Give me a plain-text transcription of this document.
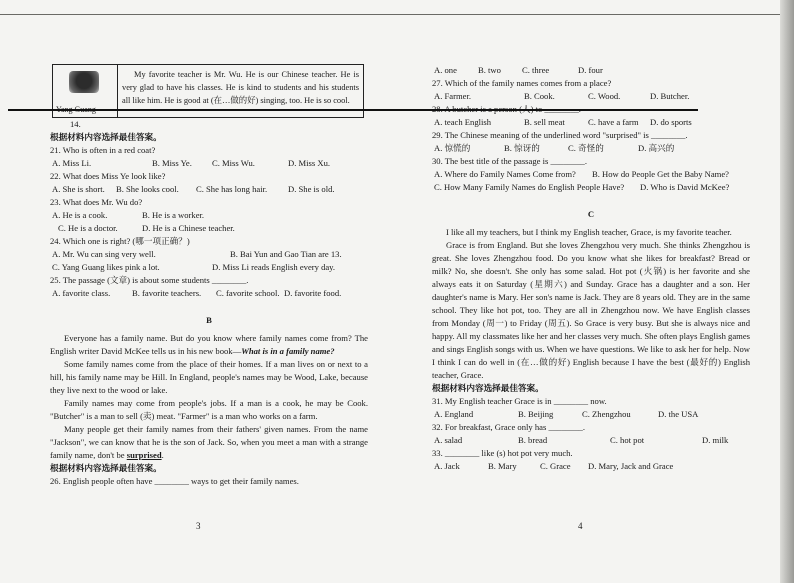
My favorite teacher is Mr. Wu. He is our Chinese teacher. He is very glad to have his classes. He is kind to students and his students all like him. He is good at (在…做的好) singing, too. He is so cool.

14.
根据材料内容选择最佳答案。
21. Who is often in a red coat?
A. Miss Li.	B. Miss Ye. C. Miss Wu.	D. Miss Xu.
22. What does Miss Ye look like?
A. She is short. B. She looks cool. C. She has long hair. D. She is old.
23. What does Mr. Wu do?
A. He is a cook.	B. He is a worker.
C. He is a doctor.	D. He is a Chinese teacher.
24. Which one is right? (哪一项正确？)
A. Mr. Wu can sing very well.	B. Bai Yun and Gao Tian are 13.
C. Yang Guang likes pink a lot.	D. Miss Li reads English every day.
25. The passage (文章) is about some students ________.
A. favorite class.	B. favorite teachers. C. favorite school. D. favorite food.
B

Everyone has a family name. But do you know where family names come from? The English writer David McKee tells us in his new book—What is in a family name?

Some family names come from the place of their homes. If a man lives on or next to a hill, his family name may be Hill. In England, people's names may be Wood, Lake, because they live next to the wood or lake.

Family names may come from people's jobs. If a man is a cook, he may be Cook. "Butcher" is a man to sell (卖) meat. "Farmer" is a man who works on a farm.

Many people get their family names from their fathers' given names. From the name "Jackson", we can know that he is the son of Jack. So, when you meet a man with a strange family name, don't be surprised.

根据材料内容选择最佳答案。
26. English people often have ________ ways to get their family names.
3
A. one B. two C. three	D. four
27. Which of the family names comes from a place?
A. Farmer.	B. Cook.	C. Wood.	D. Butcher.
A. teach English	B. sell meat	C. have a farm D. do sports
29. The Chinese meaning of the underlined word "surprised" is ________.
A. 惊慌的	B. 惊讶的	C. 奇怪的	D. 高兴的
30. The best title of the passage is ________.
A. Where do Family Names Come from? B. How do People Get the Baby Name?
C. How Many Family Names do English People Have? D. Who is David McKee?
C

I like all my teachers, but I think my English teacher, Grace, is my favorite teacher.

Grace is from England. But she loves Zhengzhou very much. She thinks Zhengzhou is great. She loves Zhengzhou food. Do you know what she likes for breakfast? Bread or milk? No, she doesn't. She only has some salad. Hot pot (火锅) is her favorite and she always eats it on Saturday (星期六) and Sunday. Grace has a daughter and a son. Her daughter's name is Mary. Her son's name is Jack. They are 8 years old. They are in the same school. They like hot pot, too. They are all in Zhengzhou now. We have English classes from Monday (周一) to Friday (周五). So Grace is very busy. But she is always nice and happy. All my classmates like her and her classes very much. She often plays English games and sings English songs with us. When we have questions. We like to ask her for help. Now I think I can do well in (在…做的好) English because I have the best (最好的) English teacher, Grace.

根据材料内容选择最佳答案。
31. My English teacher Grace is in ________ now.
A. England	B. Beijing	C. Zhengzhou	D. the USA
32. For breakfast, Grace only has ________.
A. salad	B. bread	C. hot pot	D. milk
33. ________ like (s) hot pot very much.
A. Jack	B. Mary	C. Grace D. Mary, Jack and Grace
4
